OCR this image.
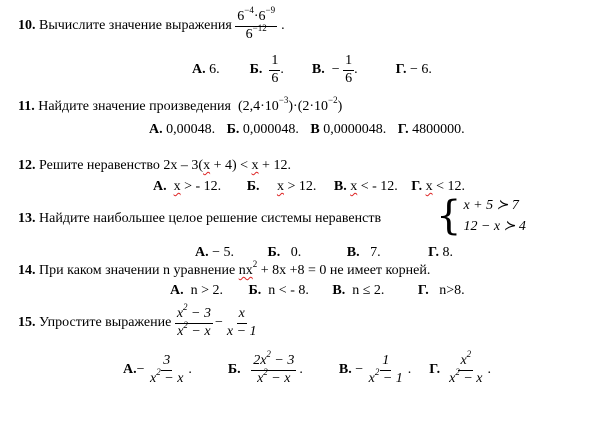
10.
Вычислите значение выражения
$\frac{6^{-4}\cdot 6^{-9}}{6^{-12}}$ .
А. 6. Б.
$\frac{1}{6}$ . В.
−
$\frac{1}{6}$ .	Г. − 6.
11. Найдите значение произведения $(2,4\cdot 10^{-3})\cdot(2\cdot 10^{-2})$
А. 0,00048. Б. 0,000048. В 0,0000048. Г. 4800000.
12. Решите неравенство 2x – 3(x + 4) < x + 12.
А. x > - 12. Б. x > 12. В. x < - 12. Г. x < 12.
13. Найдите наибольшее целое решение системы неравенств { x + 5 ≻ 7
12 − x ≻ 4
А. − 5. Б. 0.	В. 7.	Г. 8.
14. При каком значении n уравнение $nx^2 + 8x +8 = 0$ не имеет корней.
А. n > 2. Б. n < - 8. В. n ≤ 2. Г. n>8.
15.
Упростите выражение
$\frac{x^2 - 3}{x^2 - x} - \frac{x}{x - 1}$
А. −
$\frac{3}{x^2 - x}$ .	Б.
$\frac{2x^2 - 3}{x^2 - x}$ .	В.
−
$\frac{1}{x^2 - 1}$ . Г.
$\frac{x^2}{x^2 - x}$ .
